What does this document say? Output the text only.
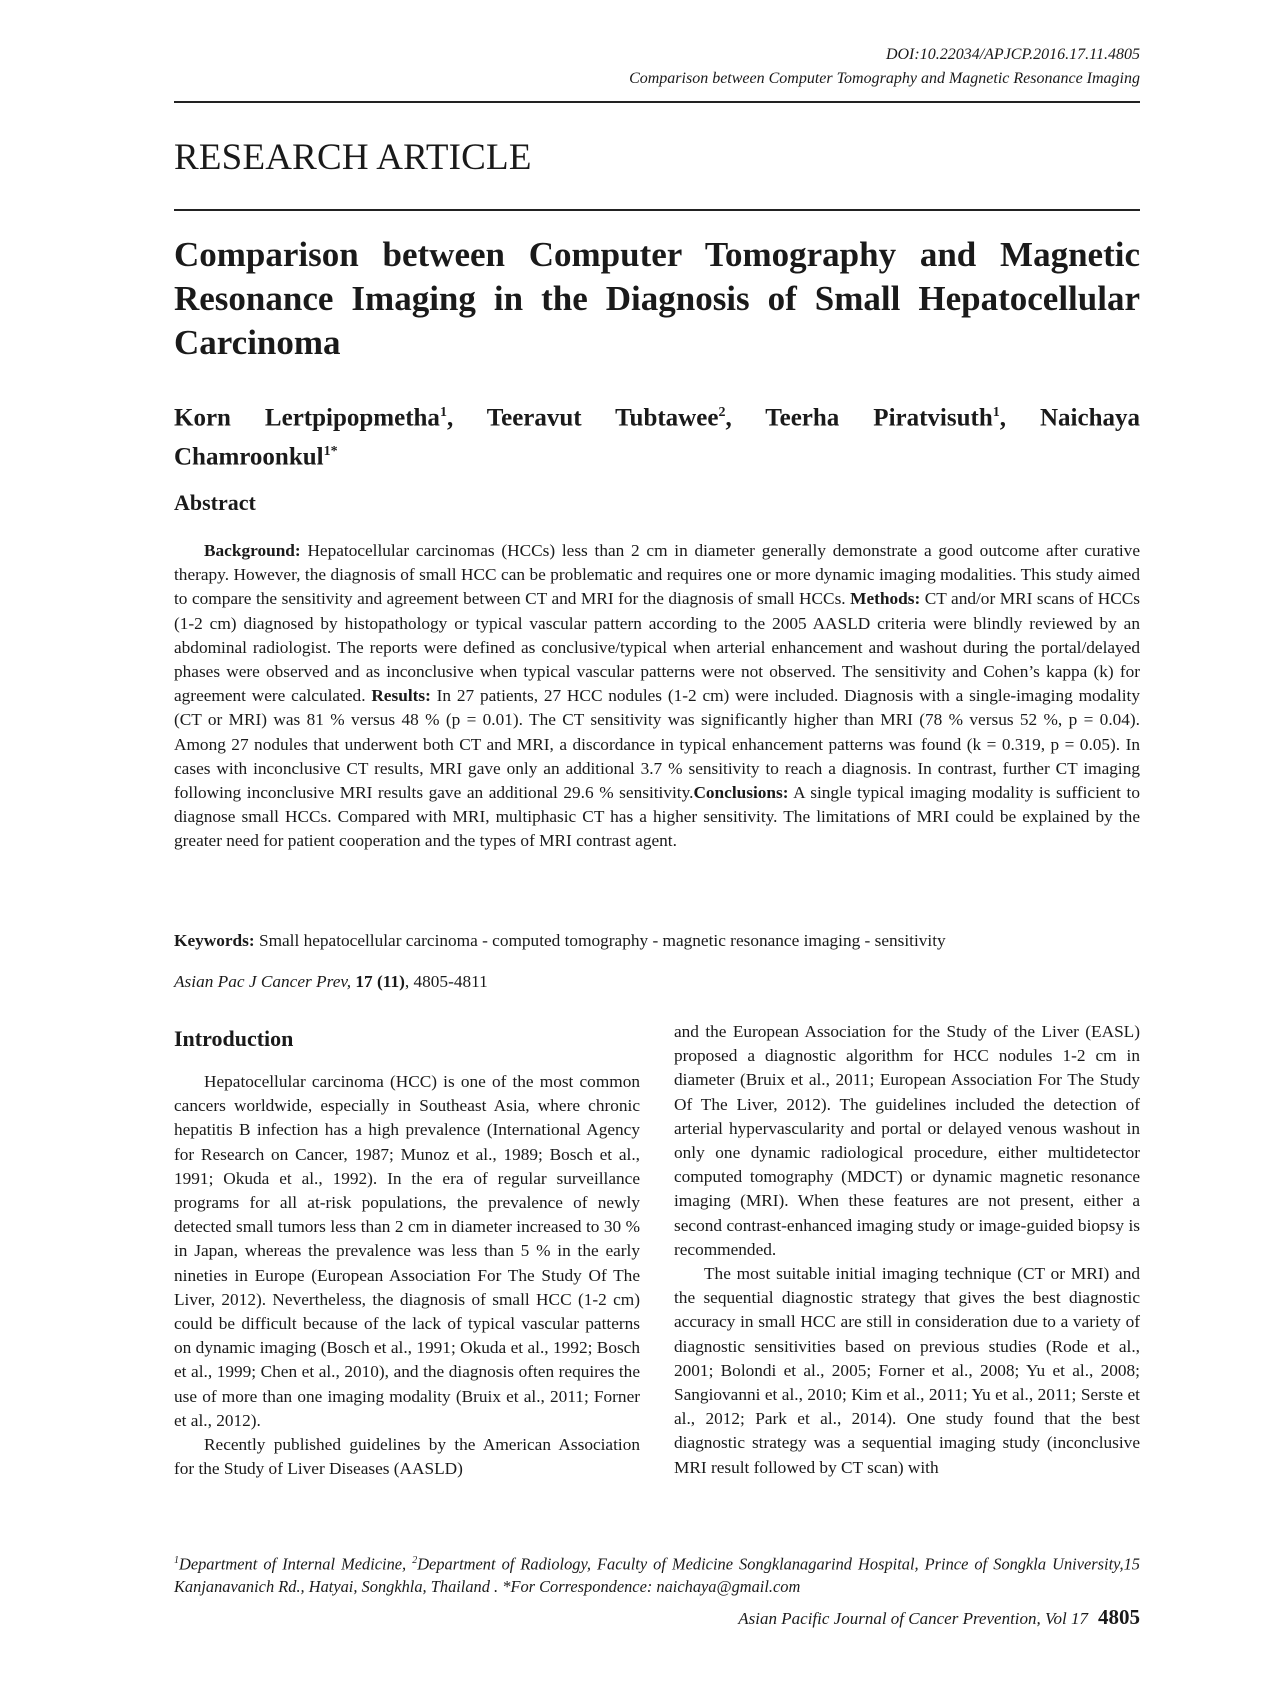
DOI:10.22034/APJCP.2016.17.11.4805
Comparison between Computer Tomography and Magnetic Resonance Imaging
RESEARCH ARTICLE
Comparison between Computer Tomography and Magnetic Resonance Imaging in the Diagnosis of Small Hepatocellular Carcinoma
Korn Lertpipopmetha$^1$, Teeravut Tubtawee$^2$, Teerha Piratvisuth$^1$, Naichaya Chamroonkul$^{1*}$
Abstract

Background: Hepatocellular carcinomas (HCCs) less than 2 cm in diameter generally demonstrate a good outcome after curative therapy. However, the diagnosis of small HCC can be problematic and requires one or more dynamic imaging modalities. This study aimed to compare the sensitivity and agreement between CT and MRI for the diagnosis of small HCCs. Methods: CT and/or MRI scans of HCCs (1-2 cm) diagnosed by histopathology or typical vascular pattern according to the 2005 AASLD criteria were blindly reviewed by an abdominal radiologist. The reports were defined as conclusive/typical when arterial enhancement and washout during the portal/delayed phases were observed and as inconclusive when typical vascular patterns were not observed. The sensitivity and Cohen’s kappa (k) for agreement were calculated. Results: In 27 patients, 27 HCC nodules (1-2 cm) were included. Diagnosis with a single-imaging modality (CT or MRI) was 81 % versus 48 % (p = 0.01). The CT sensitivity was significantly higher than MRI (78 % versus 52 %, p = 0.04). Among 27 nodules that underwent both CT and MRI, a discordance in typical enhancement patterns was found (k = 0.319, p = 0.05). In cases with inconclusive CT results, MRI gave only an additional 3.7 % sensitivity to reach a diagnosis. In contrast, further CT imaging following inconclusive MRI results gave an additional 29.6 % sensitivity.Conclusions: A single typical imaging modality is sufficient to diagnose small HCCs. Compared with MRI, multiphasic CT has a higher sensitivity. The limitations of MRI could be explained by the greater need for patient cooperation and the types of MRI contrast agent.

Keywords: Small hepatocellular carcinoma - computed tomography - magnetic resonance imaging - sensitivity

Asian Pac J Cancer Prev, 17 (11), 4805-4811

Introduction

Hepatocellular carcinoma (HCC) is one of the most common cancers worldwide, especially in Southeast Asia, where chronic hepatitis B infection has a high prevalence (International Agency for Research on Cancer, 1987; Munoz et al., 1989; Bosch et al., 1991; Okuda et al., 1992). In the era of regular surveillance programs for all at-risk populations, the prevalence of newly detected small tumors less than 2 cm in diameter increased to 30 % in Japan, whereas the prevalence was less than 5 % in the early nineties in Europe (European Association For The Study Of The Liver, 2012). Nevertheless, the diagnosis of small HCC (1-2 cm) could be difficult because of the lack of typical vascular patterns on dynamic imaging (Bosch et al., 1991; Okuda et al., 1992; Bosch et al., 1999; Chen et al., 2010), and the diagnosis often requires the use of more than one imaging modality (Bruix et al., 2011; Forner et al., 2012).

Recently published guidelines by the American Association for the Study of Liver Diseases (AASLD)

and the European Association for the Study of the Liver (EASL) proposed a diagnostic algorithm for HCC nodules 1-2 cm in diameter (Bruix et al., 2011; European Association For The Study Of The Liver, 2012). The guidelines included the detection of arterial hypervascularity and portal or delayed venous washout in only one dynamic radiological procedure, either multidetector computed tomography (MDCT) or dynamic magnetic resonance imaging (MRI). When these features are not present, either a second contrast-enhanced imaging study or image-guided biopsy is recommended.

The most suitable initial imaging technique (CT or MRI) and the sequential diagnostic strategy that gives the best diagnostic accuracy in small HCC are still in consideration due to a variety of diagnostic sensitivities based on previous studies (Rode et al., 2001; Bolondi et al., 2005; Forner et al., 2008; Yu et al., 2008; Sangiovanni et al., 2010; Kim et al., 2011; Yu et al., 2011; Serste et al., 2012; Park et al., 2014). One study found that the best diagnostic strategy was a sequential imaging study (inconclusive MRI result followed by CT scan) with

$^1$Department of Internal Medicine, $^2$Department of Radiology, Faculty of Medicine Songklanagarind Hospital, Prince of Songkla University,15 Kanjanavanich Rd., Hatyai, Songkhla, Thailand . *For Correspondence: naichaya@gmail.com

Asian Pacific Journal of Cancer Prevention, Vol 17 4805
